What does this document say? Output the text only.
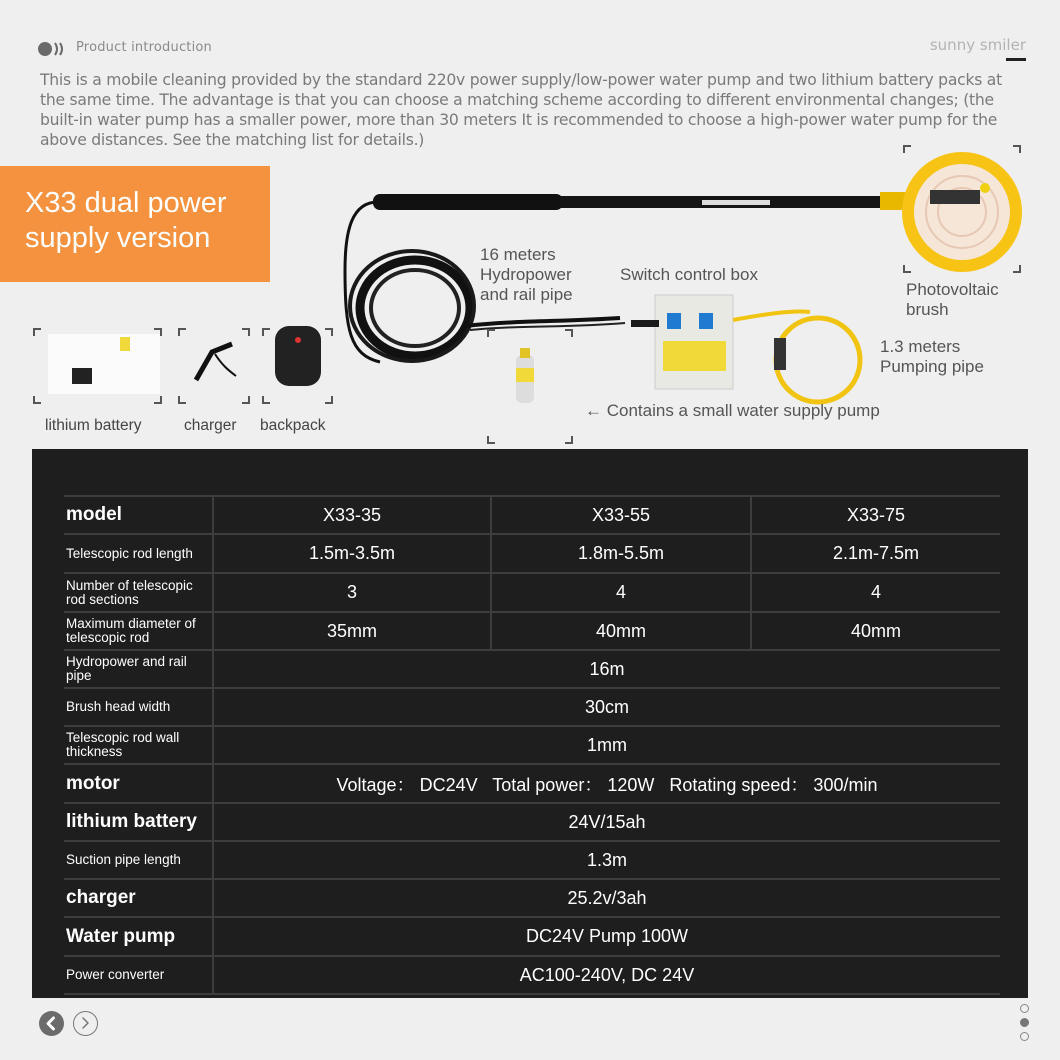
Product introduction	sunny smiler

This is a mobile cleaning provided by the standard 220v power supply/low-power water pump and two lithium battery packs at the same time. The advantage is that you can choose a matching scheme according to different environmental changes; (the built-in water pump has a smaller power, more than 30 meters It is recommended to choose a high-power water pump for the above distances. See the matching list for details.)

16 meters
Hydropower
and rail pipe
Switch control box
Photovoltaic
brush
1.3 meters
Pumping pipe
← Contains a small water supply pump
lithium battery	charger backpack
X33 dual power
supply version
model	X33-35	X33-55	X33-75
Telescopic rod length	1.5m-3.5m	1.8m-5.5m	2.1m-7.5m
Number of telescopic rod sections	3	4	4
Maximum diameter of telescopic rod	35mm	40mm	40mm
Hydropower and rail pipe	16m		
Brush head width	30cm		
Telescopic rod wall thickness	1mm		
motor	Voltage： DC24V   Total power： 120W   Rotating speed： 300/min		
lithium battery	24V/15ah		
Suction pipe length	1.3m		
charger	25.2v/3ah		
Water pump	DC24V Pump 100W		
Power converter	AC100-240V, DC 24V		
